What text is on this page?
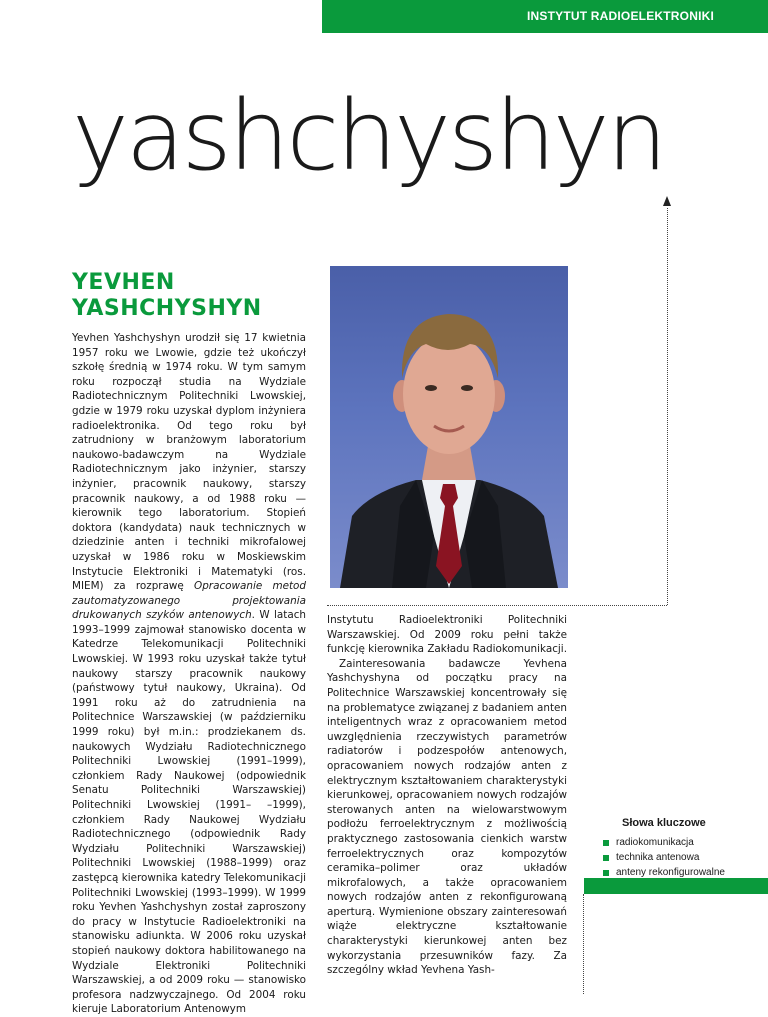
INSTYTUT RADIOELEKTRONIKI
yashchyshyn
YEVHEN
YASHCHYSHYN

Yevhen Yashchyshyn urodził się 17 kwietnia 1957 roku we Lwowie, gdzie też ukończył szkołę średnią w 1974 roku. W tym samym roku rozpoczął studia na Wydziale Radiotechnicznym Politechniki Lwowskiej, gdzie w 1979 roku uzyskał dyplom inżyniera radioelektronika. Od tego roku był zatrudniony w branżowym laboratorium naukowo-badawczym na Wydziale Radiotechnicznym jako inżynier, starszy inżynier, pracownik naukowy, starszy pracownik naukowy, a od 1988 roku — kierownik tego laboratorium. Stopień doktora (kandydata) nauk technicznych w dziedzinie anten i techniki mikrofalowej uzyskał w 1986 roku w Moskiewskim Instytucie Elektroniki i Matematyki (ros. MIEM) za rozprawę Opracowanie metod zautomatyzowanego projektowania drukowanych szyków antenowych. W latach 1993–1999 zajmował stanowisko docenta w Katedrze Telekomunikacji Politechniki Lwowskiej. W 1993 roku uzyskał także tytuł naukowy starszy pracownik naukowy (państwowy tytuł naukowy, Ukraina). Od 1991 roku aż do zatrudnienia na Politechnice Warszawskiej (w październiku 1999 roku) był m.in.: prodziekanem ds. naukowych Wydziału Radiotechnicznego Politechniki Lwowskiej (1991–1999), członkiem Rady Naukowej (odpowiednik Senatu Politechniki Warszawskiej) Politechniki Lwowskiej (1991– –1999), członkiem Rady Naukowej Wydziału Radiotechnicznego (odpowiednik Rady Wydziału Politechniki Warszawskiej) Politechniki Lwowskiej (1988–1999) oraz zastępcą kierownika katedry Telekomunikacji Politechniki Lwowskiej (1993–1999). W 1999 roku Yevhen Yashchyshyn został zaproszony do pracy w Instytucie Radioelektroniki na stanowisku adiunkta. W 2006 roku uzyskał stopień naukowy doktora habilitowanego na Wydziale Elektroniki Politechniki Warszawskiej, a od 2009 roku — stanowisko profesora nadzwyczajnego. Od 2004 roku kieruje Laboratorium Antenowym

Instytutu Radioelektroniki Politechniki Warszawskiej. Od 2009 roku pełni także funkcję kierownika Zakładu Radiokomunikacji.

Zainteresowania badawcze Yevhena Yashchyshyna od początku pracy na Politechnice Warszawskiej koncentrowały się na problematyce związanej z badaniem anten inteligentnych wraz z opracowaniem metod uwzględnienia rzeczywistych parametrów radiatorów i podzespołów antenowych, opracowaniem nowych rodzajów anten z elektrycznym kształtowaniem charakterystyki kierunkowej, opracowaniem nowych rodzajów sterowanych anten na wielowarstwowym podłożu ferroelektrycznym z możliwością praktycznego zastosowania cienkich warstw ferroelektrycznych oraz kompozytów ceramika–polimer oraz układów mikrofalowych, a także opracowaniem nowych rodzajów anten z rekonfigurowaną aperturą. Wymienione obszary zainteresowań wiąże elektryczne kształtowanie charakterystyki kierunkowej anten bez wykorzystania przesuwników fazy. Za szczególny wkład Yevhena Yash-

Słowa kluczowe
radiokomunikacja
technika antenowa
anteny rekonfigurowalne
